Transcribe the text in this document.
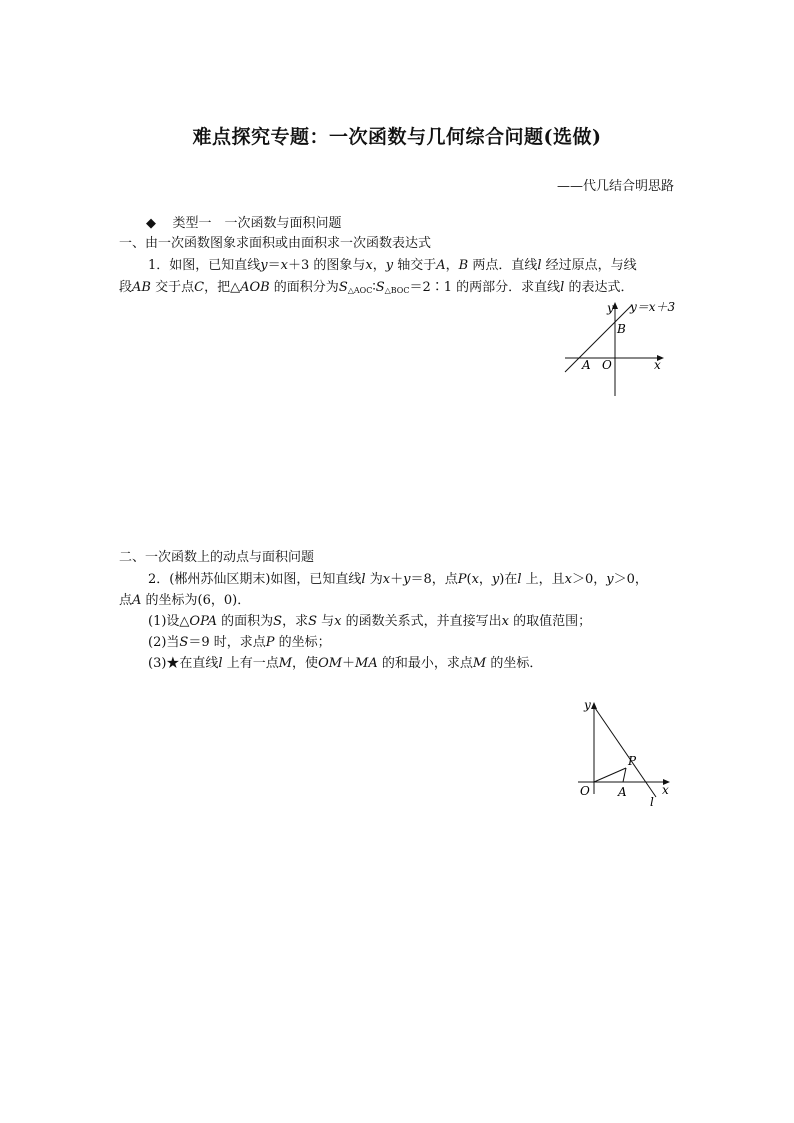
难点探究专题：一次函数与几何综合问题(选做)
——代几结合明思路
◆ 类型一　一次函数与面积问题
一、由一次函数图象求面积或由面积求一次函数表达式
1．如图，已知直线y＝x＋3 的图象与x，y 轴交于A，B 两点．直线l 经过原点，与线
段AB 交于点C，把△AOB 的面积分为$S_{\triangle AOC}∶S_{\triangle BOC}=2∶1$ 的两部分．求直线l 的表达式．
y y＝x＋3
B
A O	x
二、一次函数上的动点与面积问题
2．(郴州苏仙区期末)如图，已知直线l 为x＋y＝8，点P(x，y)在l 上，且x＞0，y＞0，
点A 的坐标为(6，0)．
(1)设△OPA 的面积为S，求S 与x 的函数关系式，并直接写出x 的取值范围；
(2)当S＝9 时，求点P 的坐标；
(3)★在直线l 上有一点M，使OM＋MA 的和最小，求点M 的坐标．
y
P
O A	x
l
